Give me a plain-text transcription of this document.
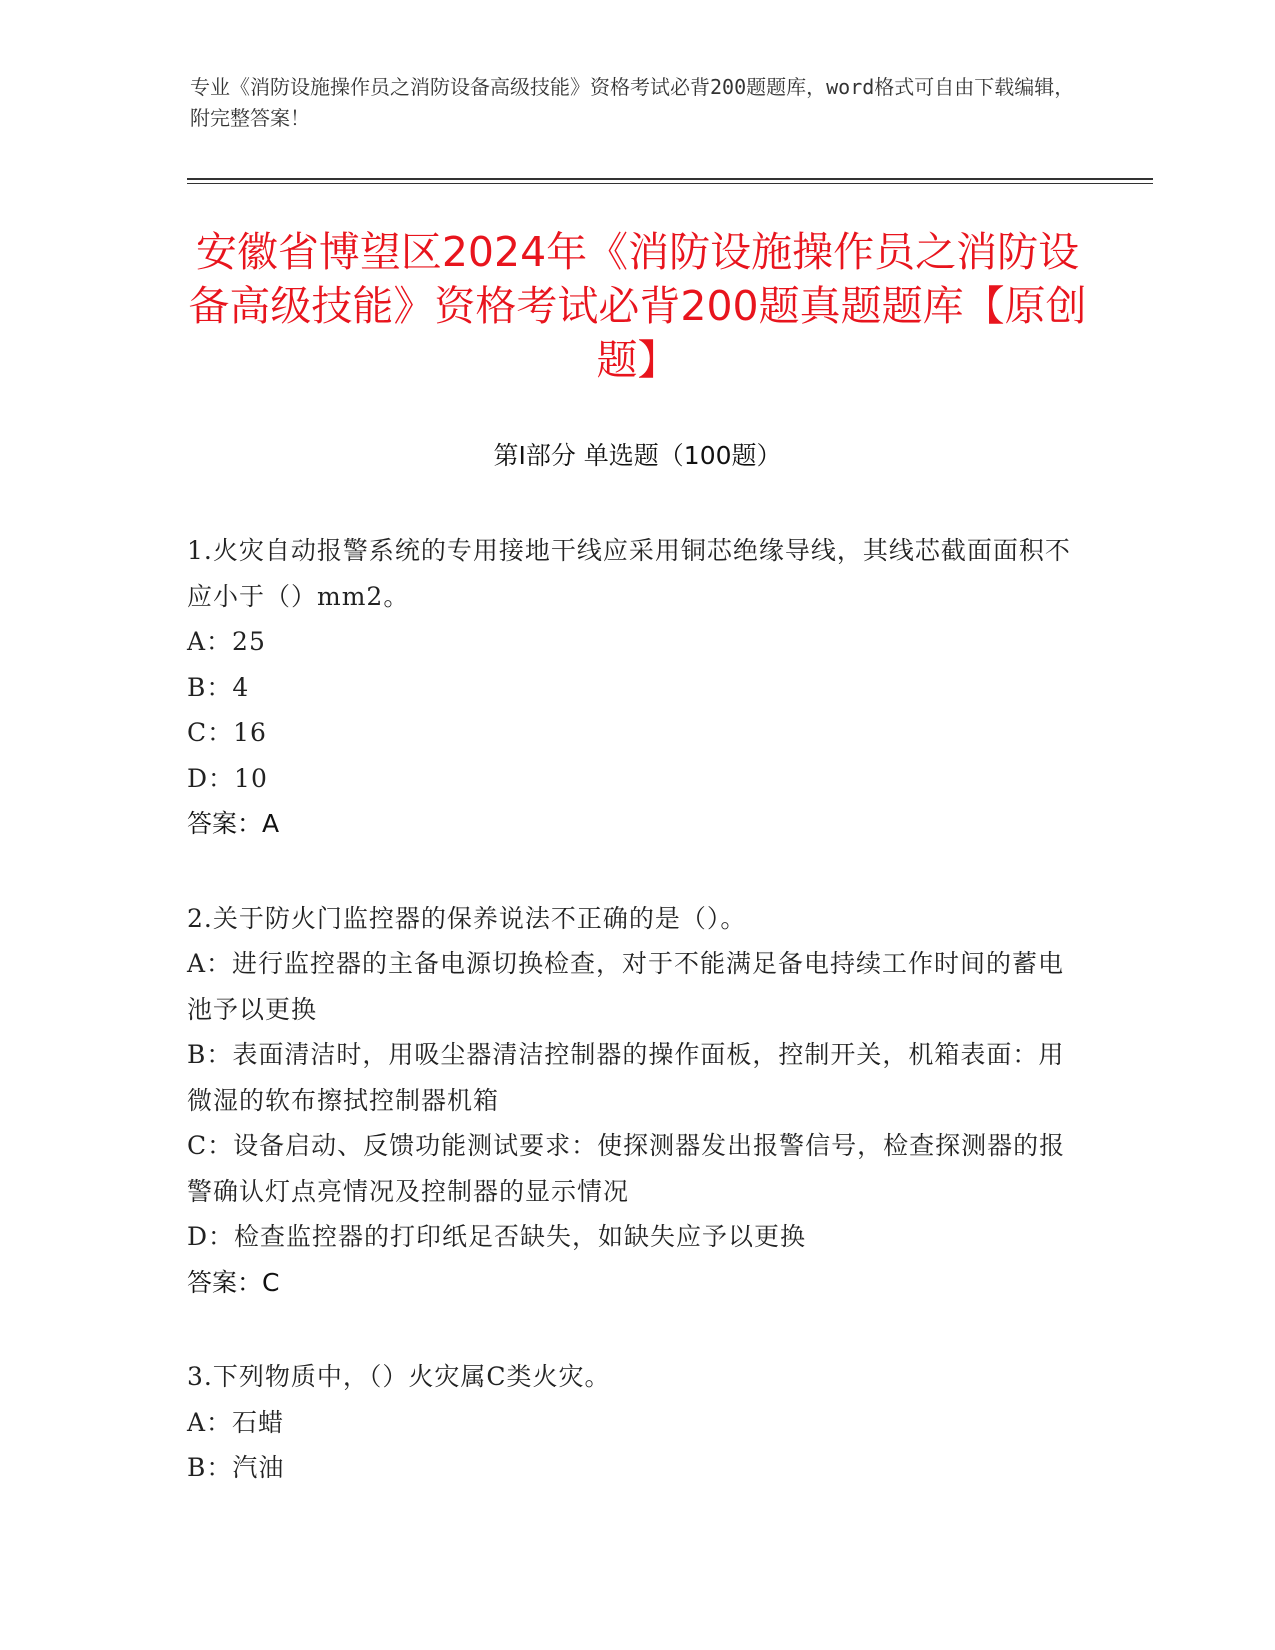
专业《消防设施操作员之消防设备高级技能》资格考试必背200题题库，word格式可自由下载编辑，附完整答案！
安徽省博望区2024年《消防设施操作员之消防设备高级技能》资格考试必背200题真题题库【原创题】
第I部分 单选题（100题）
1.火灾自动报警系统的专用接地干线应采用铜芯绝缘导线，其线芯截面面积不应小于（）mm2。
A：25
B：4
C：16
D：10
答案：A
2.关于防火门监控器的保养说法不正确的是（）。
A：进行监控器的主备电源切换检查，对于不能满足备电持续工作时间的蓄电池予以更换
B：表面清洁时，用吸尘器清洁控制器的操作面板，控制开关，机箱表面：用微湿的软布擦拭控制器机箱
C：设备启动、反馈功能测试要求：使探测器发出报警信号，检查探测器的报警确认灯点亮情况及控制器的显示情况
D：检查监控器的打印纸足否缺失，如缺失应予以更换
答案：C
3.下列物质中，（）火灾属C类火灾。
A：石蜡
B：汽油
